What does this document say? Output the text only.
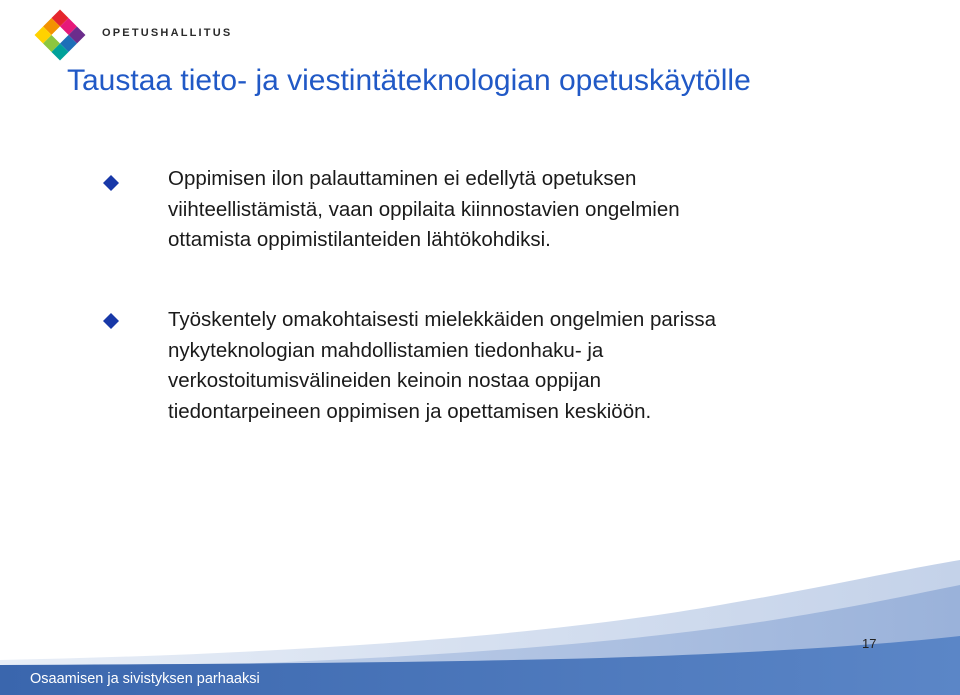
OPETUSHALLITUS
Taustaa tieto- ja viestintäteknologian opetuskäytölle
Oppimisen ilon palauttaminen ei edellytä opetuksen
viihteellistämistä, vaan oppilaita kiinnostavien ongelmien
ottamista oppimistilanteiden lähtökohdiksi.
Työskentely omakohtaisesti mielekkäiden ongelmien parissa
nykyteknologian mahdollistamien tiedonhaku- ja
verkostoitumisvälineiden keinoin nostaa oppijan
tiedontarpeineen oppimisen ja opettamisen keskiöön.
17
Osaamisen ja sivistyksen parhaaksi
